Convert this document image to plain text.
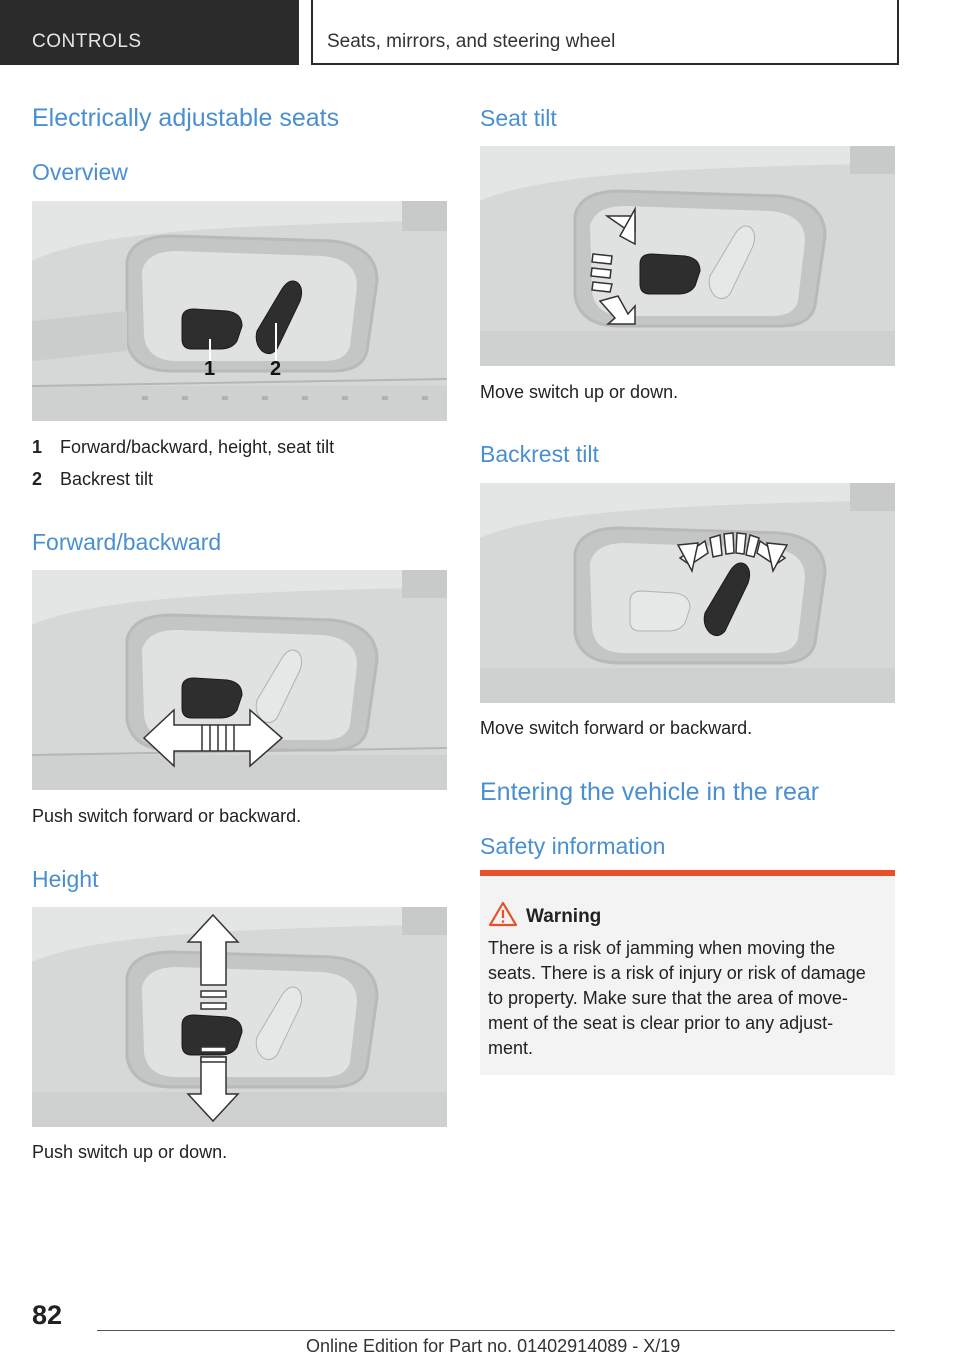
CONTROLS	Seats, mirrors, and steering wheel
Electrically adjustable seats
Overview
1	2
1 Forward/backward, height, seat tilt
2 Backrest tilt
Forward/backward
Push switch forward or backward.
Height
Push switch up or down.
Seat tilt
Move switch up or down.
Backrest tilt
Move switch forward or backward.
Entering the vehicle in the rear
Safety information
Warning
There is a risk of jamming when moving the
seats. There is a risk of injury or risk of damage
to property. Make sure that the area of move-
ment of the seat is clear prior to any adjust-
ment.
82
Online Edition for Part no. 01402914089 - X/19
